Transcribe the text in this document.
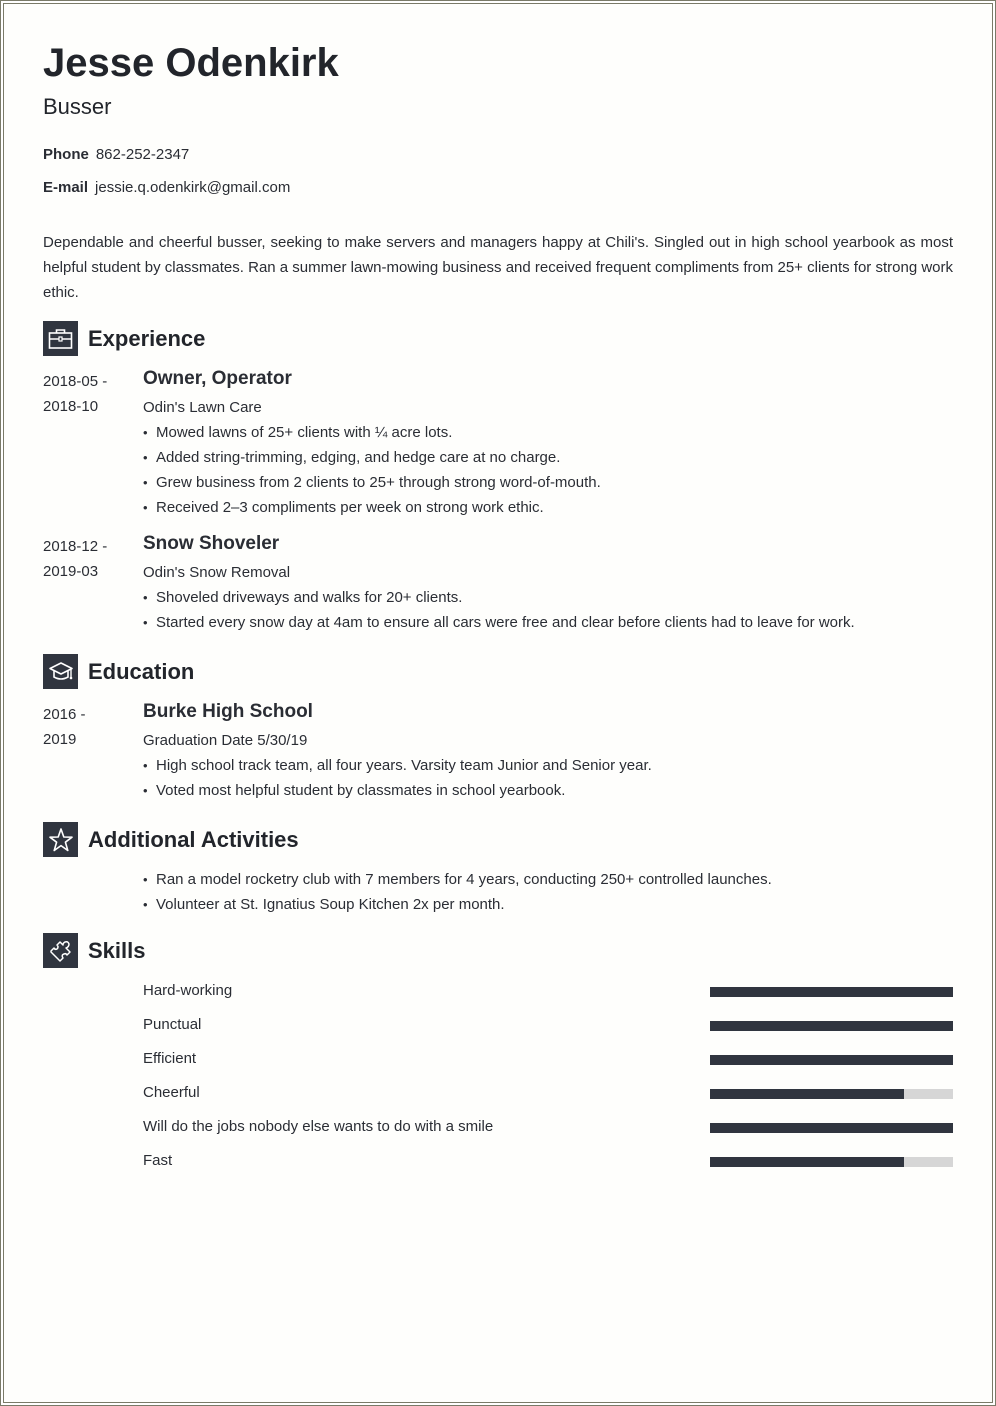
Jesse Odenkirk
Busser
Phone 862-252-2347
E-mail jessie.q.odenkirk@gmail.com
Dependable and cheerful busser, seeking to make servers and managers happy at Chili's. Singled out in high school yearbook as most helpful student by classmates. Ran a summer lawn-mowing business and received frequent compliments from 25+ clients for strong work ethic.
Experience
2018-05 -
2018-10
Owner, Operator
Odin's Lawn Care
• Mowed lawns of 25+ clients with ¼ acre lots.
• Added string-trimming, edging, and hedge care at no charge.
• Grew business from 2 clients to 25+ through strong word-of-mouth.
• Received 2–3 compliments per week on strong work ethic.
2018-12 -
2019-03
Snow Shoveler
Odin's Snow Removal
• Shoveled driveways and walks for 20+ clients.
• Started every snow day at 4am to ensure all cars were free and clear before clients had to leave for work.
Education
2016 -
2019
Burke High School
Graduation Date 5/30/19
• High school track team, all four years. Varsity team Junior and Senior year.
• Voted most helpful student by classmates in school yearbook.
Additional Activities
• Ran a model rocketry club with 7 members for 4 years, conducting 250+ controlled launches.
• Volunteer at St. Ignatius Soup Kitchen 2x per month.
Skills
Hard-working
Punctual
Efficient
Cheerful
Will do the jobs nobody else wants to do with a smile
Fast
